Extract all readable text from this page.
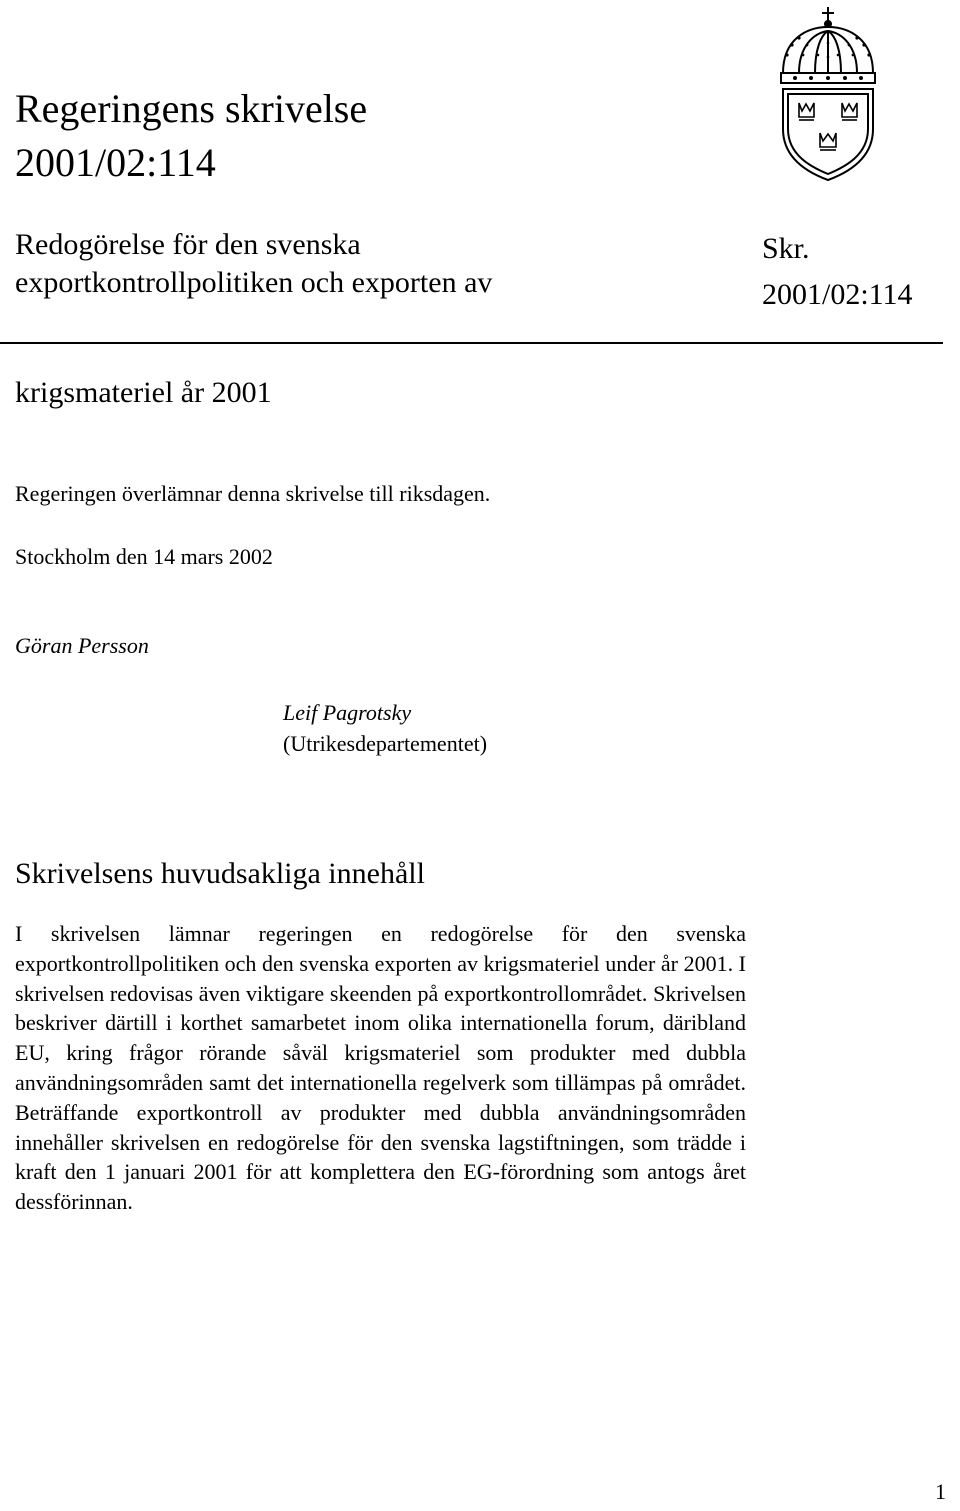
Regeringens skrivelse
2001/02:114
Redogörelse för den svenska
exportkontrollpolitiken och exporten av
Skr.
2001/02:114
krigsmateriel år 2001
Regeringen överlämnar denna skrivelse till riksdagen.
Stockholm den 14 mars 2002
Göran Persson
Leif Pagrotsky
(Utrikesdepartementet)
Skrivelsens huvudsakliga innehåll

I skrivelsen lämnar regeringen en redogörelse för den svenska exportkontrollpolitiken och den svenska exporten av krigsmateriel under år 2001. I skrivelsen redovisas även viktigare skeenden på exportkontrollområdet. Skrivelsen beskriver därtill i korthet samarbetet inom olika internationella forum, däribland EU, kring frågor rörande såväl krigsmateriel som produkter med dubbla användningsområden samt det internationella regelverk som tillämpas på området. Beträffande exportkontroll av produkter med dubbla användningsområden innehåller skrivelsen en redogörelse för den svenska lagstiftningen, som trädde i kraft den 1 januari 2001 för att komplettera den EG-förordning som antogs året dessförinnan.

1
